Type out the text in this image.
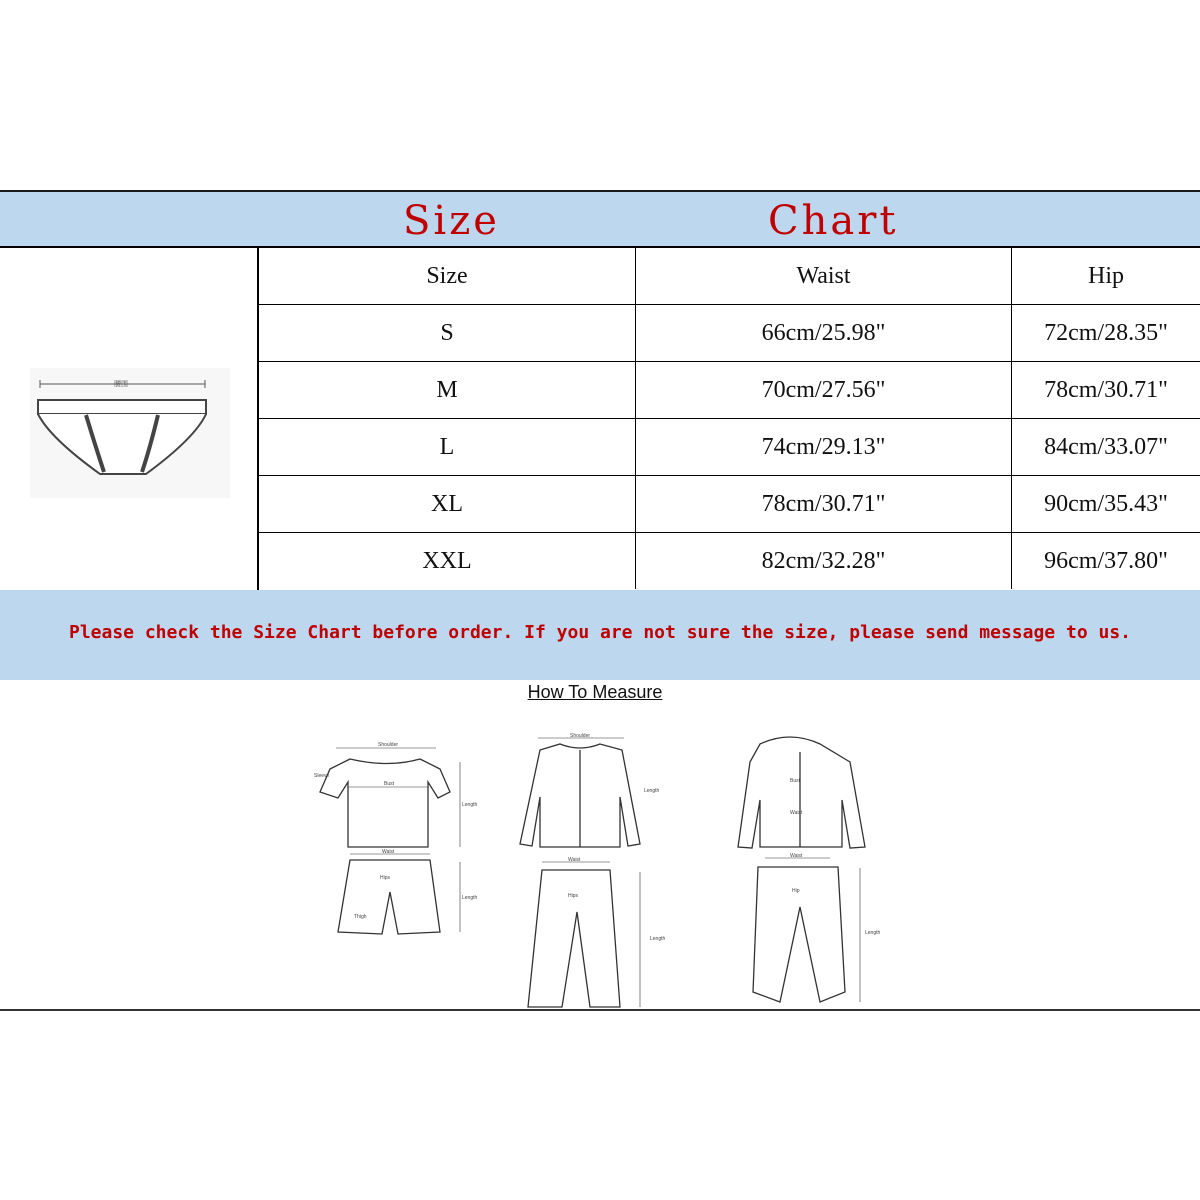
Size	Chart
腰围
Size	Waist	Hip
S	66cm/25.98"	72cm/28.35"
M	70cm/27.56"	78cm/30.71"
L	74cm/29.13"	84cm/33.07"
XL	78cm/30.71"	90cm/35.43"
XXL	82cm/32.28"	96cm/37.80"
Please check the Size Chart before order. If you are not sure the size, please send message to us.
How To Measure
Shoulder
Bust
Length
Sleeve
Waist
Length
Hips
Thigh
Shoulder
Length
Waist
Hips
Length
Bust
Waist
Waist
Hip
Length
